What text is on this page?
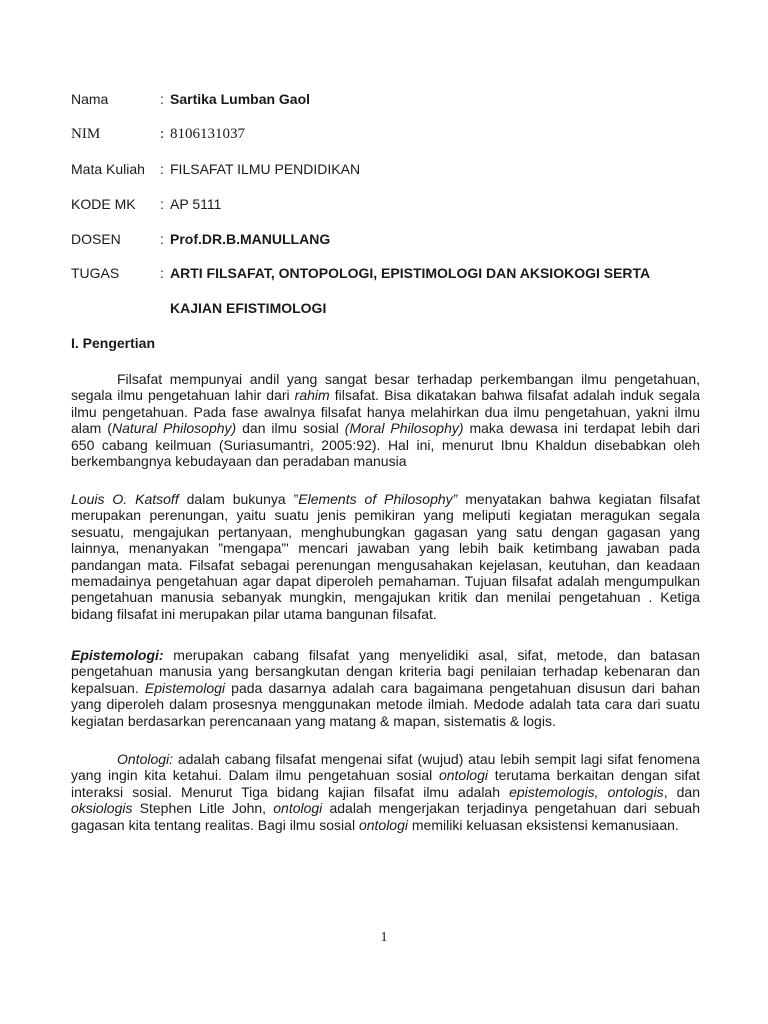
Nama	: Sartika Lumban Gaol
NIM	: 8106131037
Mata Kuliah : FILSAFAT ILMU PENDIDIKAN
KODE MK : AP 5111
DOSEN	: Prof.DR.B.MANULLANG
TUGAS	: ARTI FILSAFAT, ONTOPOLOGI, EPISTIMOLOGI DAN AKSIOKOGI SERTA
KAJIAN EFISTIMOLOGI
I. Pengertian

Filsafat mempunyai andil yang sangat besar terhadap perkembangan ilmu pengetahuan, segala ilmu pengetahuan lahir dari rahim filsafat. Bisa dikatakan bahwa filsafat adalah induk segala ilmu pengetahuan. Pada fase awalnya filsafat hanya melahirkan dua ilmu pengetahuan, yakni ilmu alam (Natural Philosophy) dan ilmu sosial (Moral Philosophy) maka dewasa ini terdapat lebih dari 650 cabang keilmuan (Suriasumantri, 2005:92). Hal ini, menurut Ibnu Khaldun disebabkan oleh berkembangnya kebudayaan dan peradaban manusia

Louis O. Katsoff dalam bukunya ”Elements of Philosophy” menyatakan bahwa kegiatan filsafat merupakan perenungan, yaitu suatu jenis pemikiran yang meliputi kegiatan meragukan segala sesuatu, mengajukan pertanyaan, menghubungkan gagasan yang satu dengan gagasan yang lainnya, menanyakan ”mengapa”' mencari jawaban yang lebih baik ketimbang jawaban pada pandangan mata. Filsafat sebagai perenungan mengusahakan kejelasan, keutuhan, dan keadaan memadainya pengetahuan agar dapat diperoleh pemahaman. Tujuan filsafat adalah mengumpulkan pengetahuan manusia sebanyak mungkin, mengajukan kritik dan menilai pengetahuan . Ketiga bidang filsafat ini merupakan pilar utama bangunan filsafat.

Epistemologi: merupakan cabang filsafat yang menyelidiki asal, sifat, metode, dan batasan pengetahuan manusia yang bersangkutan dengan kriteria bagi penilaian terhadap kebenaran dan kepalsuan. Epistemologi pada dasarnya adalah cara bagaimana pengetahuan disusun dari bahan yang diperoleh dalam prosesnya menggunakan metode ilmiah. Medode adalah tata cara dari suatu kegiatan berdasarkan perencanaan yang matang & mapan, sistematis & logis.

Ontologi: adalah cabang filsafat mengenai sifat (wujud) atau lebih sempit lagi sifat fenomena yang ingin kita ketahui. Dalam ilmu pengetahuan sosial ontologi terutama berkaitan dengan sifat interaksi sosial. Menurut Tiga bidang kajian filsafat ilmu adalah epistemologis, ontologis, dan oksiologis Stephen Litle John, ontologi adalah mengerjakan terjadinya pengetahuan dari sebuah gagasan kita tentang realitas. Bagi ilmu sosial ontologi memiliki keluasan eksistensi kemanusiaan.

1
